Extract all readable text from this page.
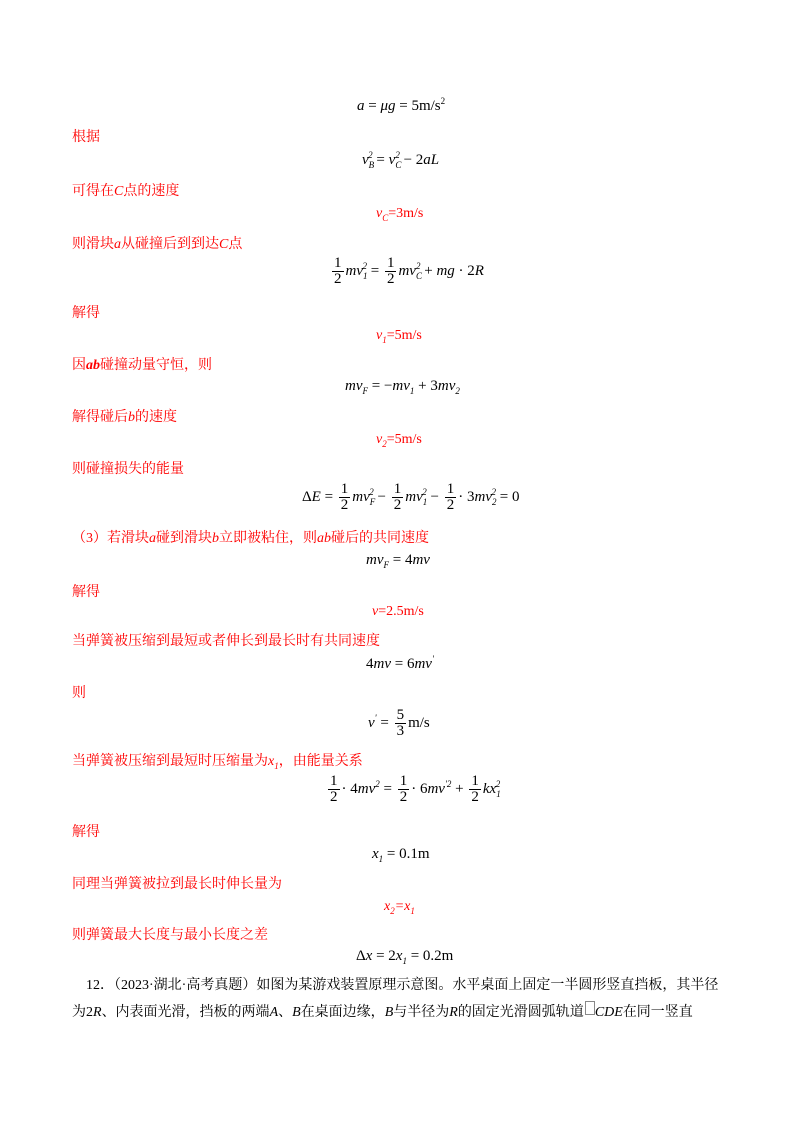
$a = \mu g = 5m/s^2$
根据
$v_B^2 = v_C^2 - 2aL$
可得在C点的速度
$v_C=3m/s$
则滑块a从碰撞后到到达C点
$\frac{1}{2} mv_1^2 = \frac{1}{2} mv_C^2$ + mg · 2R
解得
$v_1=5m/s$
因ab碰撞动量守恒，则
$mv_F = -mv_1 + 3mv_2$
解得碰后b的速度
$v_2=5m/s$
则碰撞损失的能量
$\Delta E = \frac{1}{2} mv_F^2 - \frac{1}{2} mv_1^2 - \frac{1}{2} \cdot 3mv_2^2 = 0$
（3）若滑块a碰到滑块b立即被粘住，则ab碰后的共同速度
$mv_F = 4mv$
解得
v=2.5m/s
当弹簧被压缩到最短或者伸长到最长时有共同速度
4mv = 6mv'
则
$v' = \frac{5}{3} m/s$
当弹簧被压缩到最短时压缩量为$x_1$，由能量关系
$\frac{1}{2} \cdot 4mv^2 = \frac{1}{2} \cdot 6mv^{'2} + \frac{1}{2} kx_1^2$
解得
$x_1 = 0.1m$
同理当弹簧被拉到最长时伸长量为
$x_2=x_1$
则弹簧最大长度与最小长度之差
$\Delta x = 2x_1 = 0.2m$
12．（2023·湖北·高考真题）如图为某游戏装置原理示意图。水平桌面上固定一半圆形竖直挡板，其半径
为2R、内表面光滑，挡板的两端A、B在桌面边缘，B与半径为R的固定光滑圆弧轨道 CDE在同一竖直
